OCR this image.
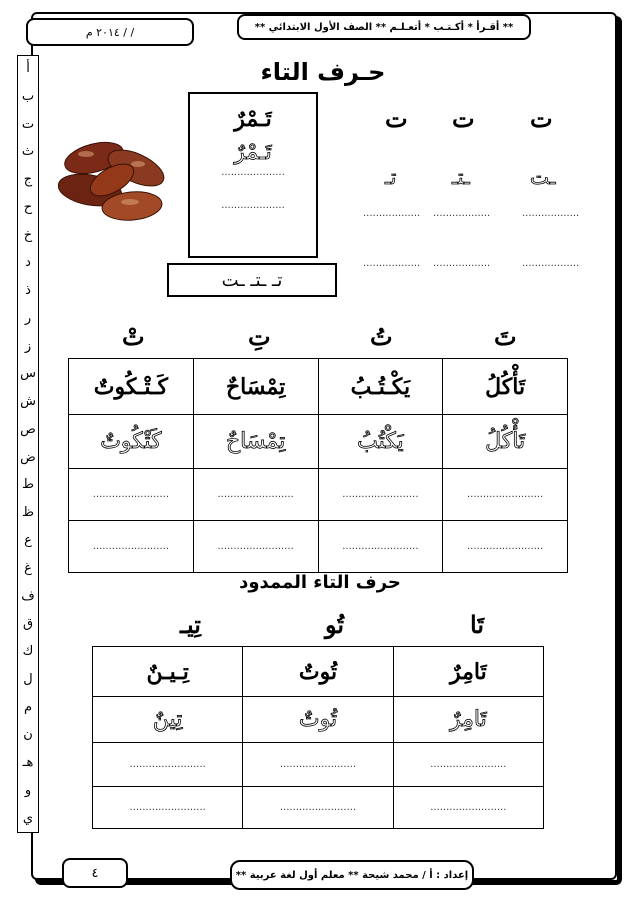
** أقـرأ * أكـتـب * أتعـلـم ** الصف الأول الابتدائي **
/ / ٢٠١٤ م
أ
ب
ت
ث
ج
ح
خ
د
ذ
ر
ز
س
ش
ص
ض
ط
ظ
ع
غ
ف
ق
ك
ل
م
ن
هـ
و
ي
حـرف التاء
ت
ت
ت
ـت
ـتـ
تـ
..................
..................
..................
..................
..................
..................
تَـمْرٌ
تَـمْرٌ
....................
....................
تـ ـتـ ـت
تَ
تُ
تِ
تْ
تَأْكُلُ	يَكْـتُـبُ	تِمْسَاحٌ	كَـتْـكُوتٌ
تَأْكُلُ	يَكْتُبُ	تِمْسَاحٌ	كَتْكُوتٌ
........................	........................	........................	........................
........................	........................	........................	........................
حرف التاء الممدود
تَا
تُو
تِيـ
تَامِرٌ	تُوتٌ	تِـيـنٌ
تَامِرٌ	تُوتٌ	تِينٌ
........................	........................	........................
........................	........................	........................
٤	إعداد : أ / محمد شيحة ** معلم أول لغة عربية **
